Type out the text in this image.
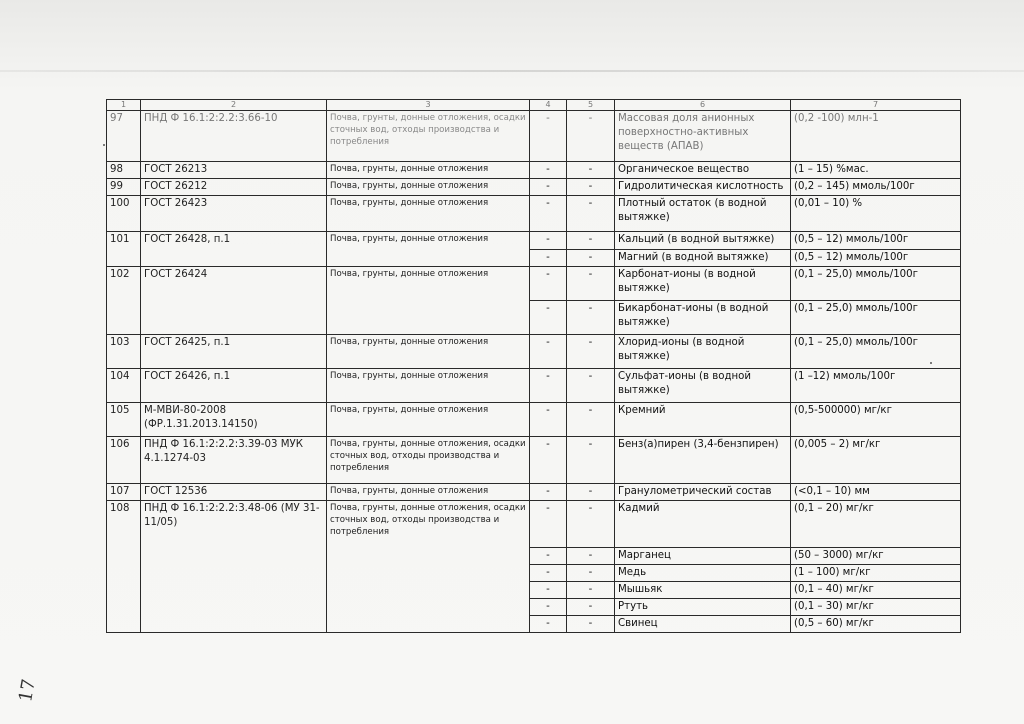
1	2	3	4	5	6	7
97	ПНД Ф 16.1:2:2.2:3.66-10	Почва, грунты, донные отложения, осадки сточных вод, отходы производства и потребления	-	-	Массовая доля анионных поверхностно-активных веществ (АПАВ)	(0,2 -100) млн-1
98	ГОСТ 26213	Почва, грунты, донные отложения	-	-	Органическое вещество	(1 – 15) %мас.
99	ГОСТ 26212	Почва, грунты, донные отложения	-	-	Гидролитическая кислотность	(0,2 – 145) ммоль/100г
100	ГОСТ 26423	Почва, грунты, донные отложения	-	-	Плотный остаток (в водной вытяжке)	(0,01 – 10) %
101	ГОСТ 26428, п.1	Почва, грунты, донные отложения	-	-	Кальций (в водной вытяжке)	(0,5 – 12) ммоль/100г
			-	-	Магний (в водной вытяжке)	(0,5 – 12) ммоль/100г
102	ГОСТ 26424	Почва, грунты, донные отложения	-	-	Карбонат-ионы (в водной вытяжке)	(0,1 – 25,0) ммоль/100г
			-	-	Бикарбонат-ионы (в водной вытяжке)	(0,1 – 25,0) ммоль/100г
103	ГОСТ 26425, п.1	Почва, грунты, донные отложения	-	-	Хлорид-ионы (в водной вытяжке)	(0,1 – 25,0) ммоль/100г
104	ГОСТ 26426, п.1	Почва, грунты, донные отложения	-	-	Сульфат-ионы (в водной вытяжке)	(1 –12) ммоль/100г
105	М-МВИ-80-2008 (ФР.1.31.2013.14150)	Почва, грунты, донные отложения	-	-	Кремний	(0,5-500000) мг/кг
106	ПНД Ф 16.1:2:2.2:3.39-03 МУК 4.1.1274-03	Почва, грунты, донные отложения, осадки сточных вод, отходы производства и потребления	-	-	Бенз(а)пирен (3,4-бензпирен)	(0,005 – 2) мг/кг
107	ГОСТ 12536	Почва, грунты, донные отложения	-	-	Гранулометрический состав	(<0,1 – 10) мм
108	ПНД Ф 16.1:2:2.2:3.48-06 (МУ 31-11/05)	Почва, грунты, донные отложения, осадки сточных вод, отходы производства и потребления	-	-	Кадмий	(0,1 – 20) мг/кг
			-	-	Марганец	(50 – 3000) мг/кг
			-	-	Медь	(1 – 100) мг/кг
			-	-	Мышьяк	(0,1 – 40) мг/кг
			-	-	Ртуть	(0,1 – 30) мг/кг
			-	-	Свинец	(0,5 – 60) мг/кг
17
